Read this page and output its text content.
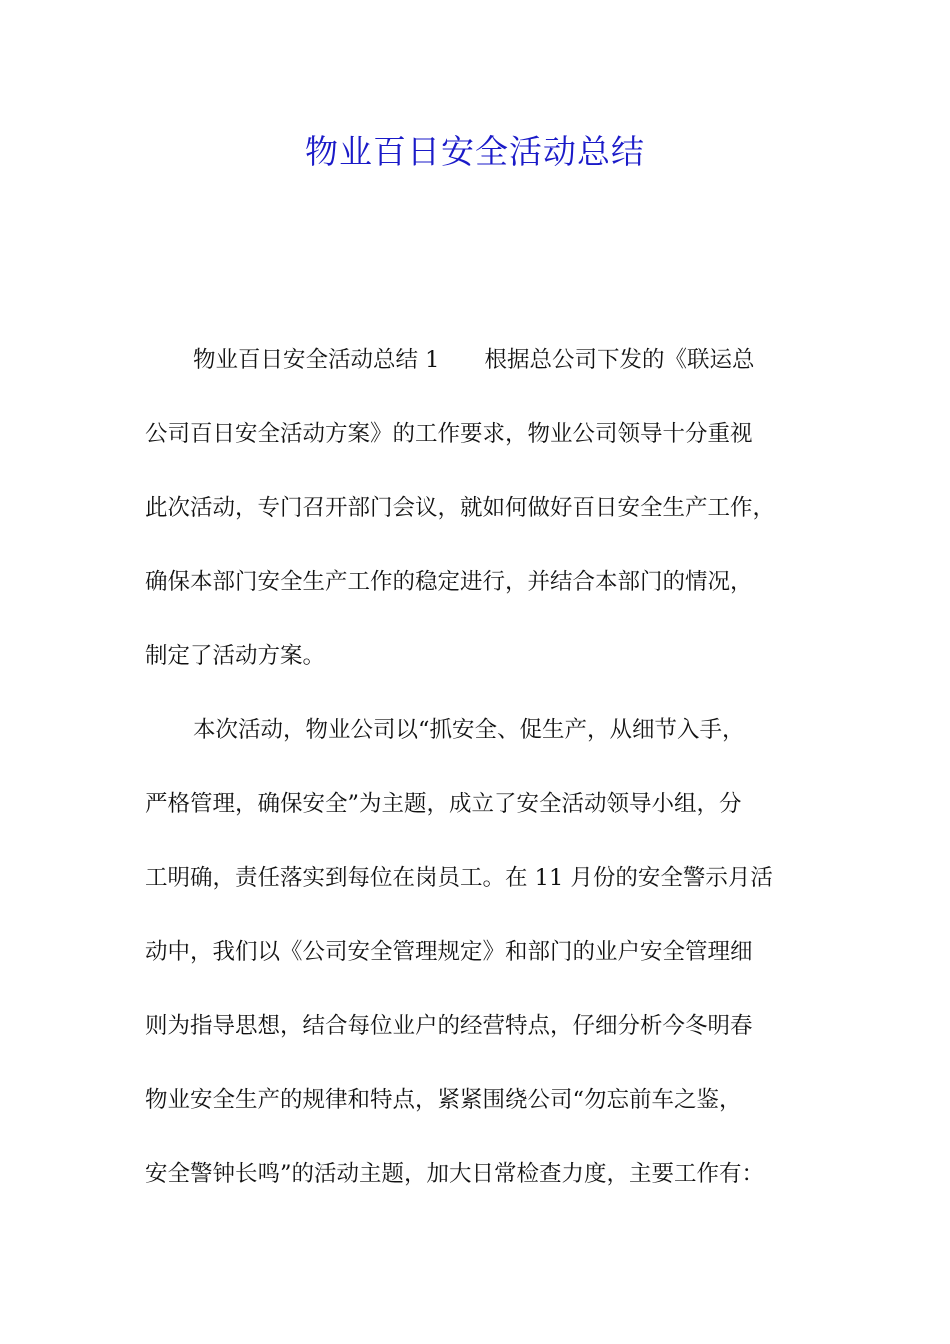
物业百日安全活动总结
物业百日安全活动总结 1　　根据总公司下发的《联运总
公司百日安全活动方案》的工作要求，物业公司领导十分重视
此次活动，专门召开部门会议，就如何做好百日安全生产工作，
确保本部门安全生产工作的稳定进行，并结合本部门的情况，
制定了活动方案。
本次活动，物业公司以“抓安全、促生产，从细节入手，
严格管理，确保安全”为主题，成立了安全活动领导小组，分
工明确，责任落实到每位在岗员工。在 11 月份的安全警示月活
动中，我们以《公司安全管理规定》和部门的业户安全管理细
则为指导思想，结合每位业户的经营特点，仔细分析今冬明春
物业安全生产的规律和特点，紧紧围绕公司“勿忘前车之鉴，
安全警钟长鸣”的活动主题，加大日常检查力度，主要工作有：
